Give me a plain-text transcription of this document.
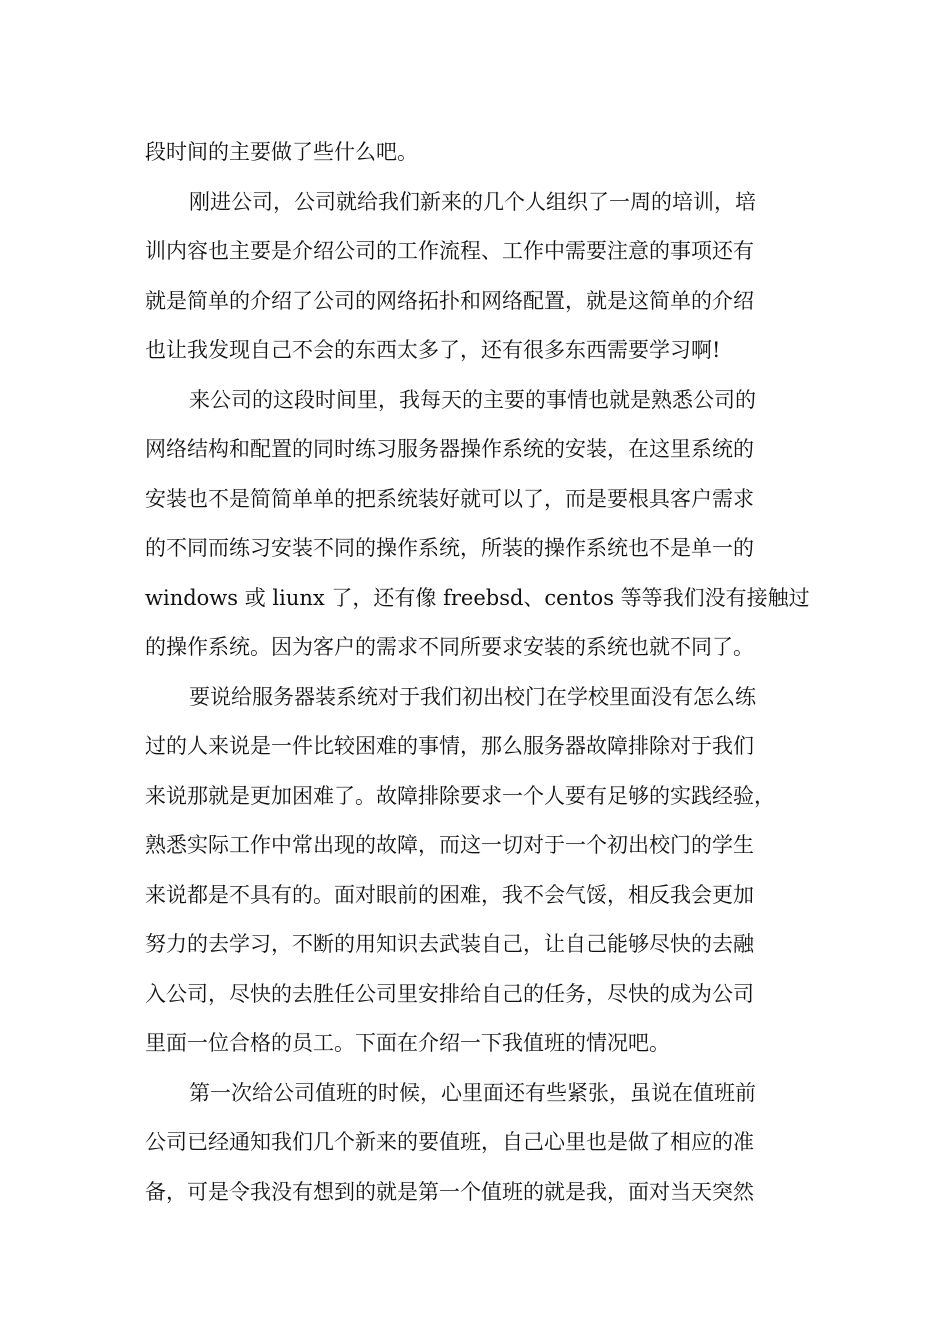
段时间的主要做了些什么吧。
刚进公司，公司就给我们新来的几个人组织了一周的培训，培
训内容也主要是介绍公司的工作流程、工作中需要注意的事项还有
就是简单的介绍了公司的网络拓扑和网络配置，就是这简单的介绍
也让我发现自己不会的东西太多了，还有很多东西需要学习啊!
来公司的这段时间里，我每天的主要的事情也就是熟悉公司的
网络结构和配置的同时练习服务器操作系统的安装，在这里系统的
安装也不是简简单单的把系统装好就可以了，而是要根具客户需求
的不同而练习安装不同的操作系统，所装的操作系统也不是单一的
windows 或 liunx 了，还有像 freebsd、centos 等等我们没有接触过
的操作系统。因为客户的需求不同所要求安装的系统也就不同了。
要说给服务器装系统对于我们初出校门在学校里面没有怎么练
过的人来说是一件比较困难的事情，那么服务器故障排除对于我们
来说那就是更加困难了。故障排除要求一个人要有足够的实践经验，
熟悉实际工作中常出现的故障，而这一切对于一个初出校门的学生
来说都是不具有的。面对眼前的困难，我不会气馁，相反我会更加
努力的去学习，不断的用知识去武装自己，让自己能够尽快的去融
入公司，尽快的去胜任公司里安排给自己的任务，尽快的成为公司
里面一位合格的员工。下面在介绍一下我值班的情况吧。
第一次给公司值班的时候，心里面还有些紧张，虽说在值班前
公司已经通知我们几个新来的要值班，自己心里也是做了相应的准
备，可是令我没有想到的就是第一个值班的就是我，面对当天突然
